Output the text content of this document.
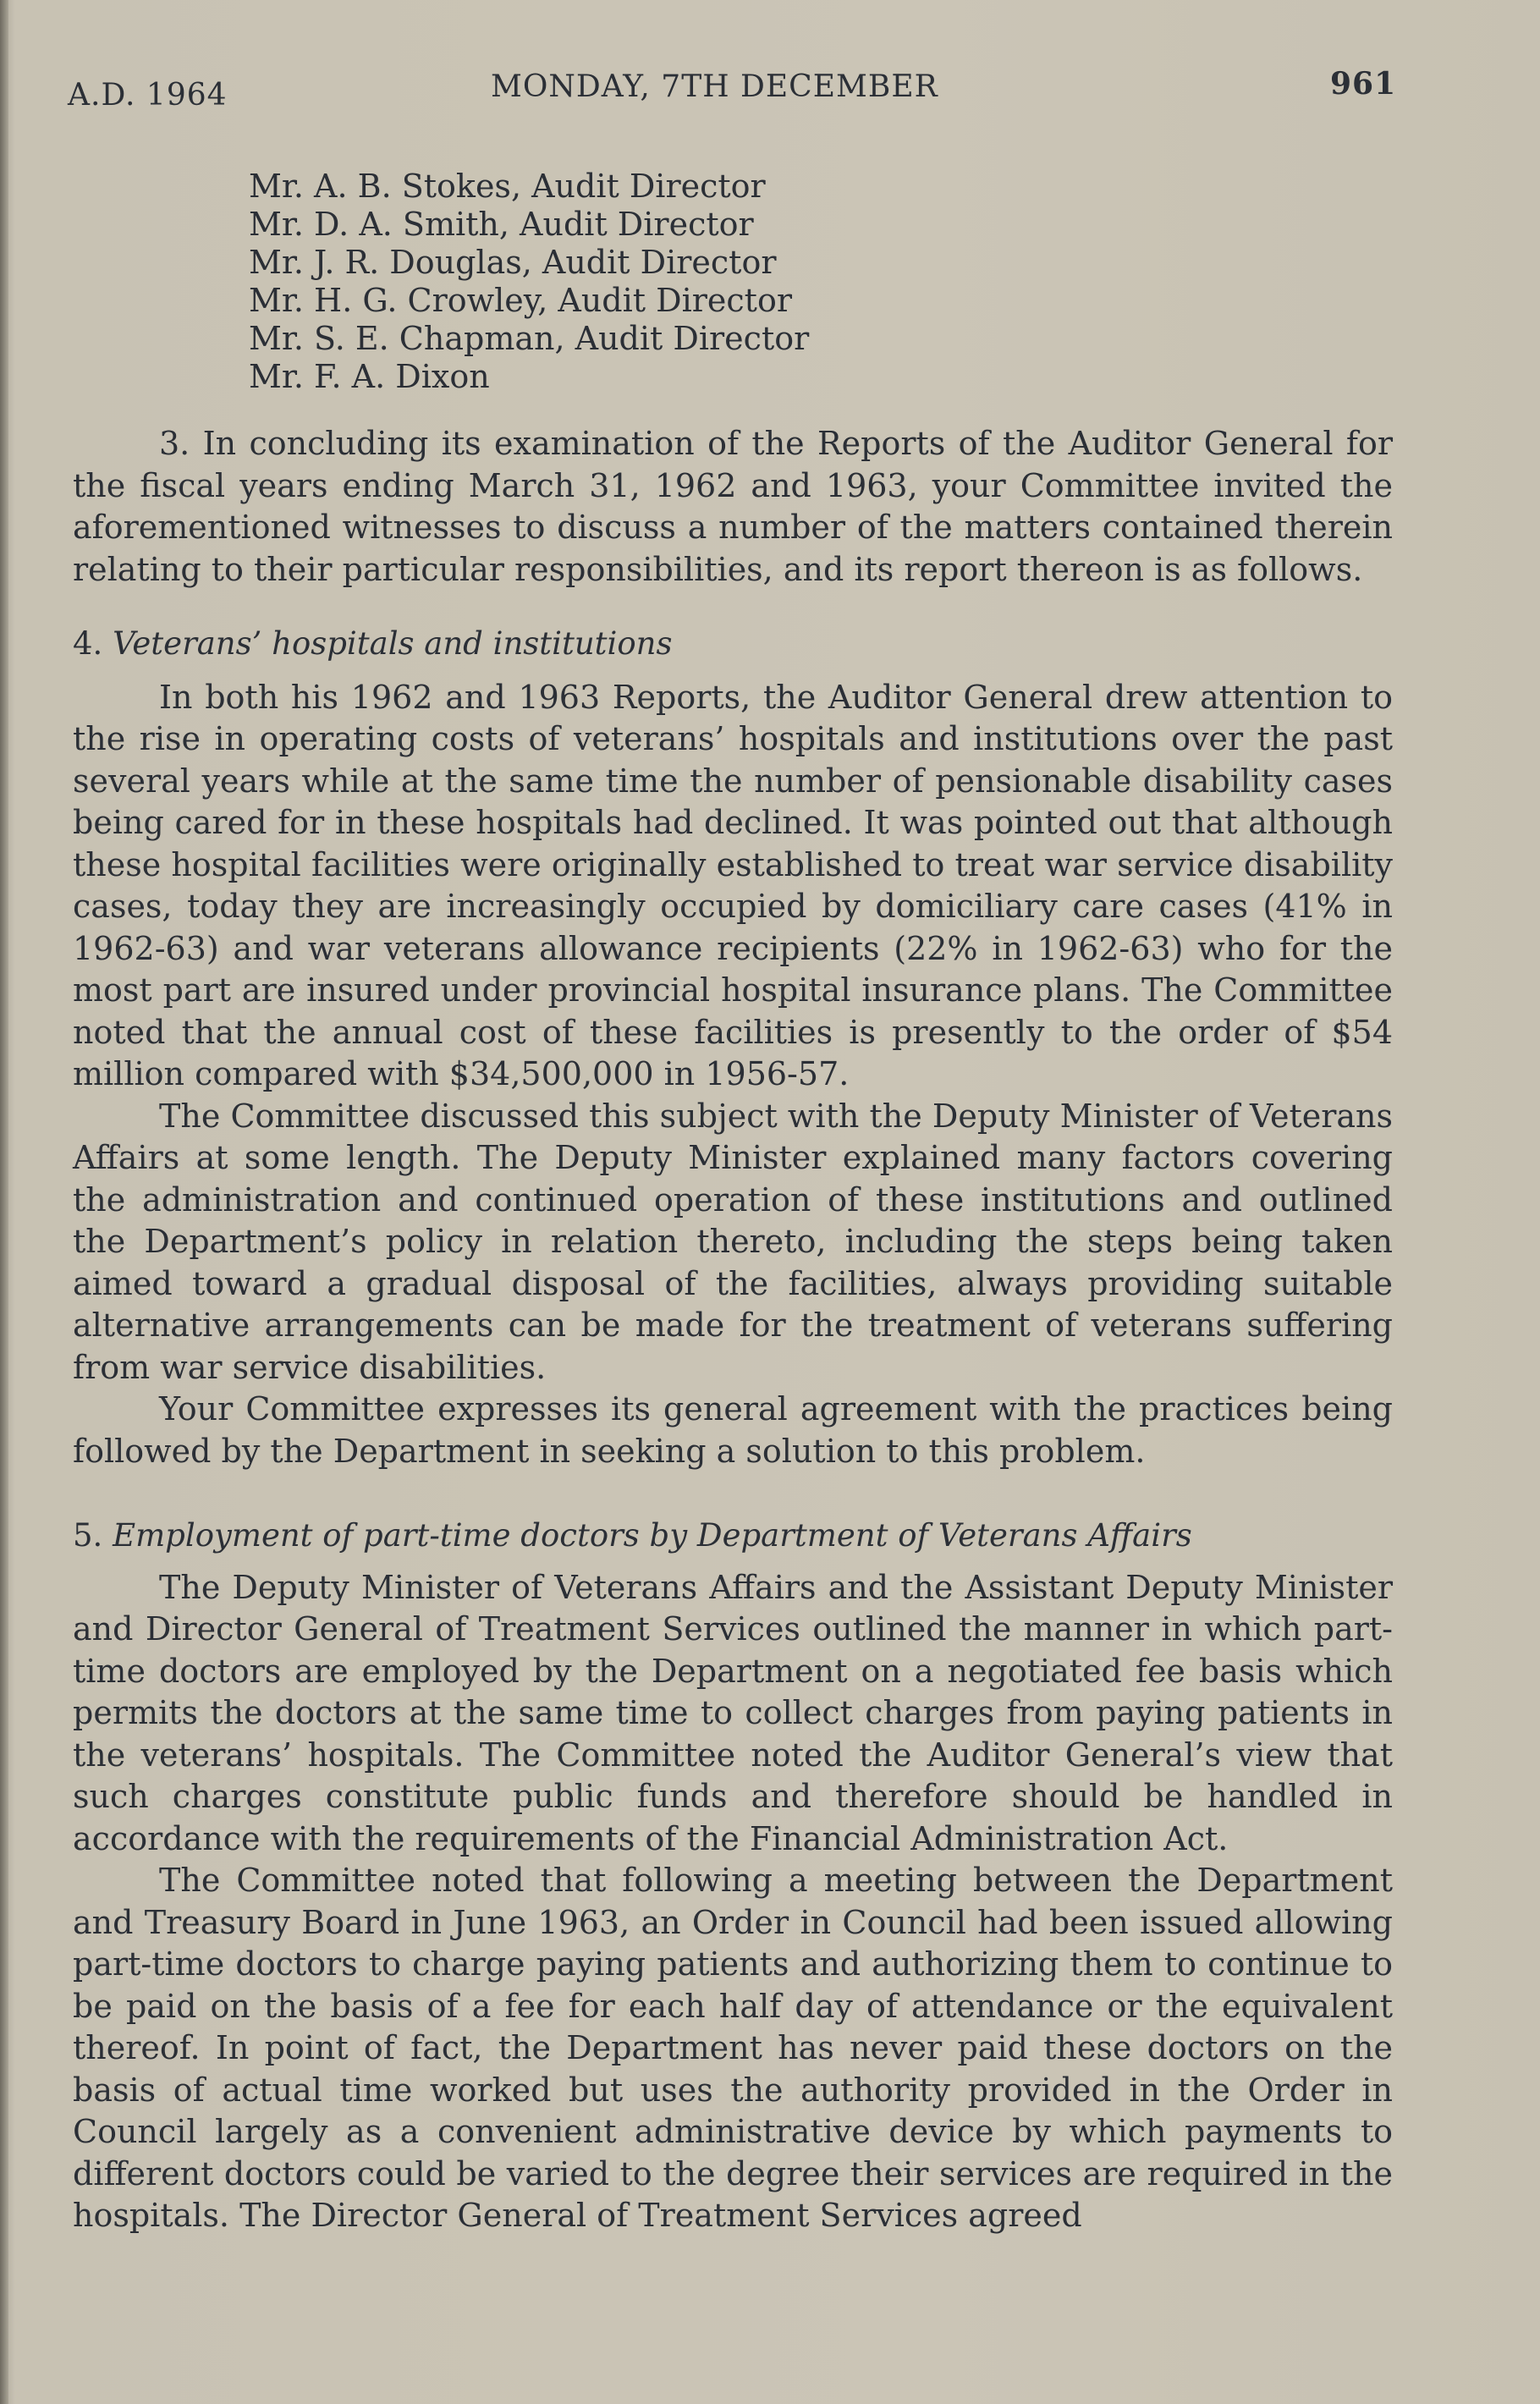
A.D. 1964	MONDAY, 7TH DECEMBER	961
Mr. A. B. Stokes, Audit Director
Mr. D. A. Smith, Audit Director
Mr. J. R. Douglas, Audit Director
Mr. H. G. Crowley, Audit Director
Mr. S. E. Chapman, Audit Director
Mr. F. A. Dixon

3. In concluding its examination of the Reports of the Auditor General for the fiscal years ending March 31, 1962 and 1963, your Committee invited the aforementioned witnesses to discuss a number of the matters contained therein relating to their particular responsibilities, and its report thereon is as follows.

4. Veterans’ hospitals and institutions

In both his 1962 and 1963 Reports, the Auditor General drew attention to the rise in operating costs of veterans’ hospitals and institutions over the past several years while at the same time the number of pensionable disability cases being cared for in these hospitals had declined. It was pointed out that although these hospital facilities were originally established to treat war service disability cases, today they are increasingly occupied by domiciliary care cases (41% in 1962-63) and war veterans allowance recipients (22% in 1962-63) who for the most part are insured under provincial hospital insurance plans. The Committee noted that the annual cost of these facilities is presently to the order of $54 million compared with $34,500,000 in 1956-57.

The Committee discussed this subject with the Deputy Minister of Veterans Affairs at some length. The Deputy Minister explained many factors covering the administration and continued operation of these institutions and outlined the Department’s policy in relation thereto, including the steps being taken aimed toward a gradual disposal of the facilities, always providing suitable alternative arrangements can be made for the treatment of veterans suffering from war service disabilities.

Your Committee expresses its general agreement with the practices being followed by the Department in seeking a solution to this problem.

5. Employment of part-time doctors by Department of Veterans Affairs

The Deputy Minister of Veterans Affairs and the Assistant Deputy Minister and Director General of Treatment Services outlined the manner in which part-time doctors are employed by the Department on a negotiated fee basis which permits the doctors at the same time to collect charges from paying patients in the veterans’ hospitals. The Committee noted the Auditor General’s view that such charges constitute public funds and therefore should be handled in accordance with the requirements of the Financial Administration Act.

The Committee noted that following a meeting between the Department and Treasury Board in June 1963, an Order in Council had been issued allowing part-time doctors to charge paying patients and authorizing them to continue to be paid on the basis of a fee for each half day of attendance or the equivalent thereof. In point of fact, the Department has never paid these doctors on the basis of actual time worked but uses the authority provided in the Order in Council largely as a convenient administrative device by which payments to different doctors could be varied to the degree their services are required in the hospitals. The Director General of Treatment Services agreed
